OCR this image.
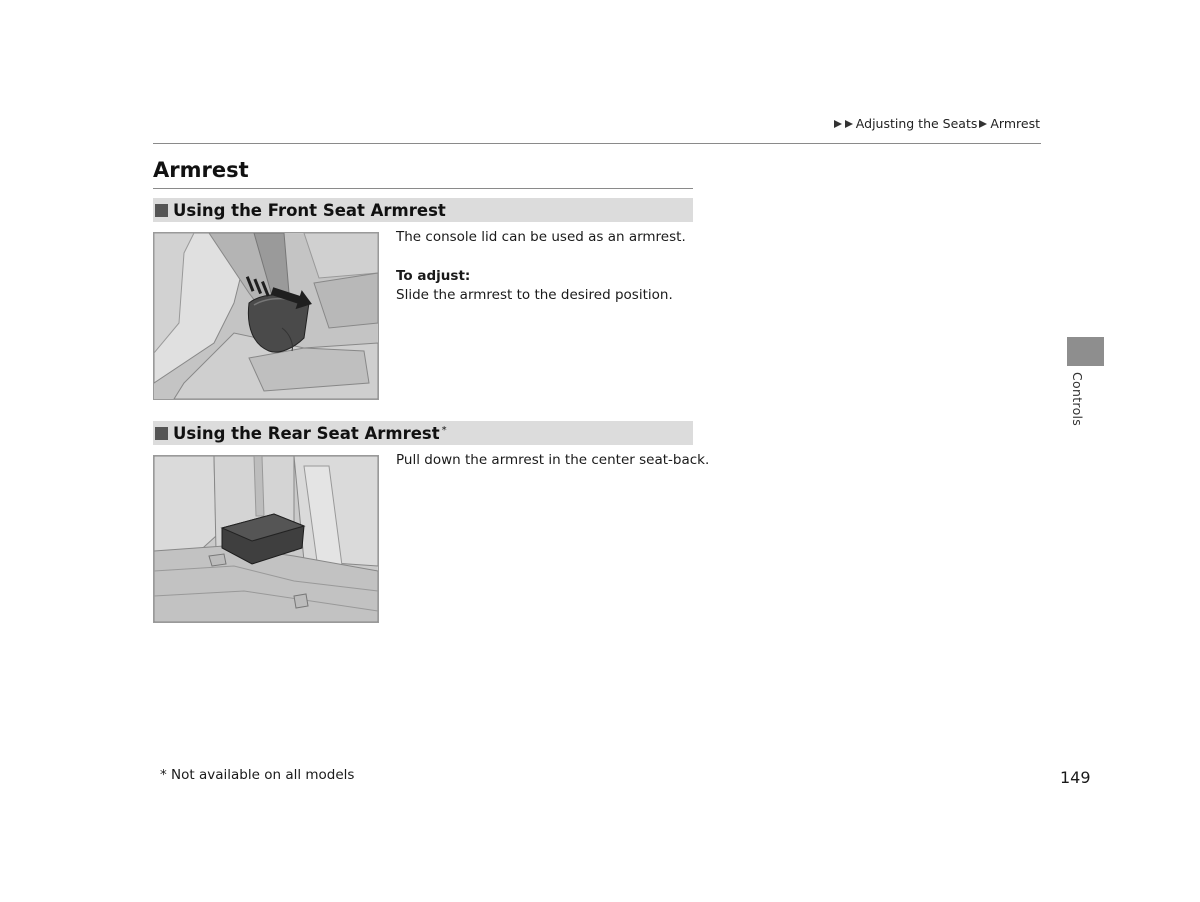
Adjusting the Seats Armrest
Armrest
Using the Front Seat Armrest

The console lid can be used as an armrest.

To adjust:

Slide the armrest to the desired position.

Using the Rear Seat Armrest*

Pull down the armrest in the center seat-back.

Controls
* Not available on all models	149
